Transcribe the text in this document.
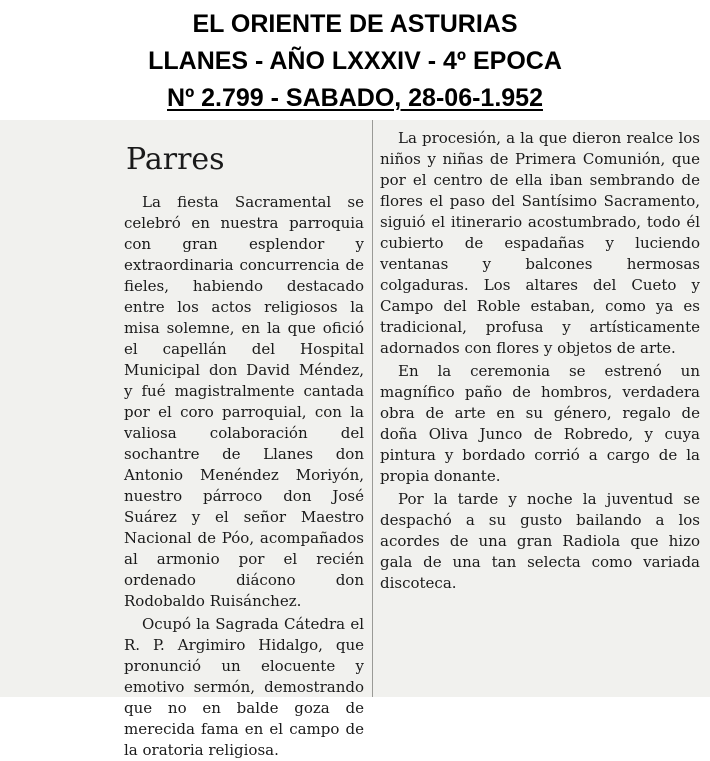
EL ORIENTE DE ASTURIAS
LLANES - AÑO LXXXIV - 4º EPOCA
Nº 2.799 - SABADO, 28-06-1.952
Parres

La fiesta Sacramental se celebró en nuestra parroquia con gran esplendor y extraordinaria concurrencia de fieles, habiendo destacado entre los actos religiosos la misa solemne, en la que ofició el capellán del Hospital Municipal don David Méndez, y fué magistralmente cantada por el coro parroquial, con la valiosa colaboración del sochantre de Llanes don Antonio Menéndez Moriyón, nuestro párroco don José Suárez y el señor Maestro Nacional de Póo, acompañados al armonio por el recién ordenado diácono don Rodobaldo Ruisánchez.

Ocupó la Sagrada Cátedra el R. P. Argimiro Hidalgo, que pronunció un elocuente y emotivo sermón, demostrando que no en balde goza de merecida fama en el campo de la oratoria religiosa.

La procesión, a la que dieron realce los niños y niñas de Primera Comunión, que por el centro de ella iban sembrando de flores el paso del Santísimo Sacramento, siguió el itinerario acostumbrado, todo él cubierto de espadañas y luciendo ventanas y balcones hermosas colgaduras. Los altares del Cueto y Campo del Roble estaban, como ya es tradicional, profusa y artísticamente adornados con flores y objetos de arte.

En la ceremonia se estrenó un magnífico paño de hombros, verdadera obra de arte en su género, regalo de doña Oliva Junco de Robredo, y cuya pintura y bordado corrió a cargo de la propia donante.

Por la tarde y noche la juventud se despachó a su gusto bailando a los acordes de una gran Radiola que hizo gala de una tan selecta como variada discoteca.
